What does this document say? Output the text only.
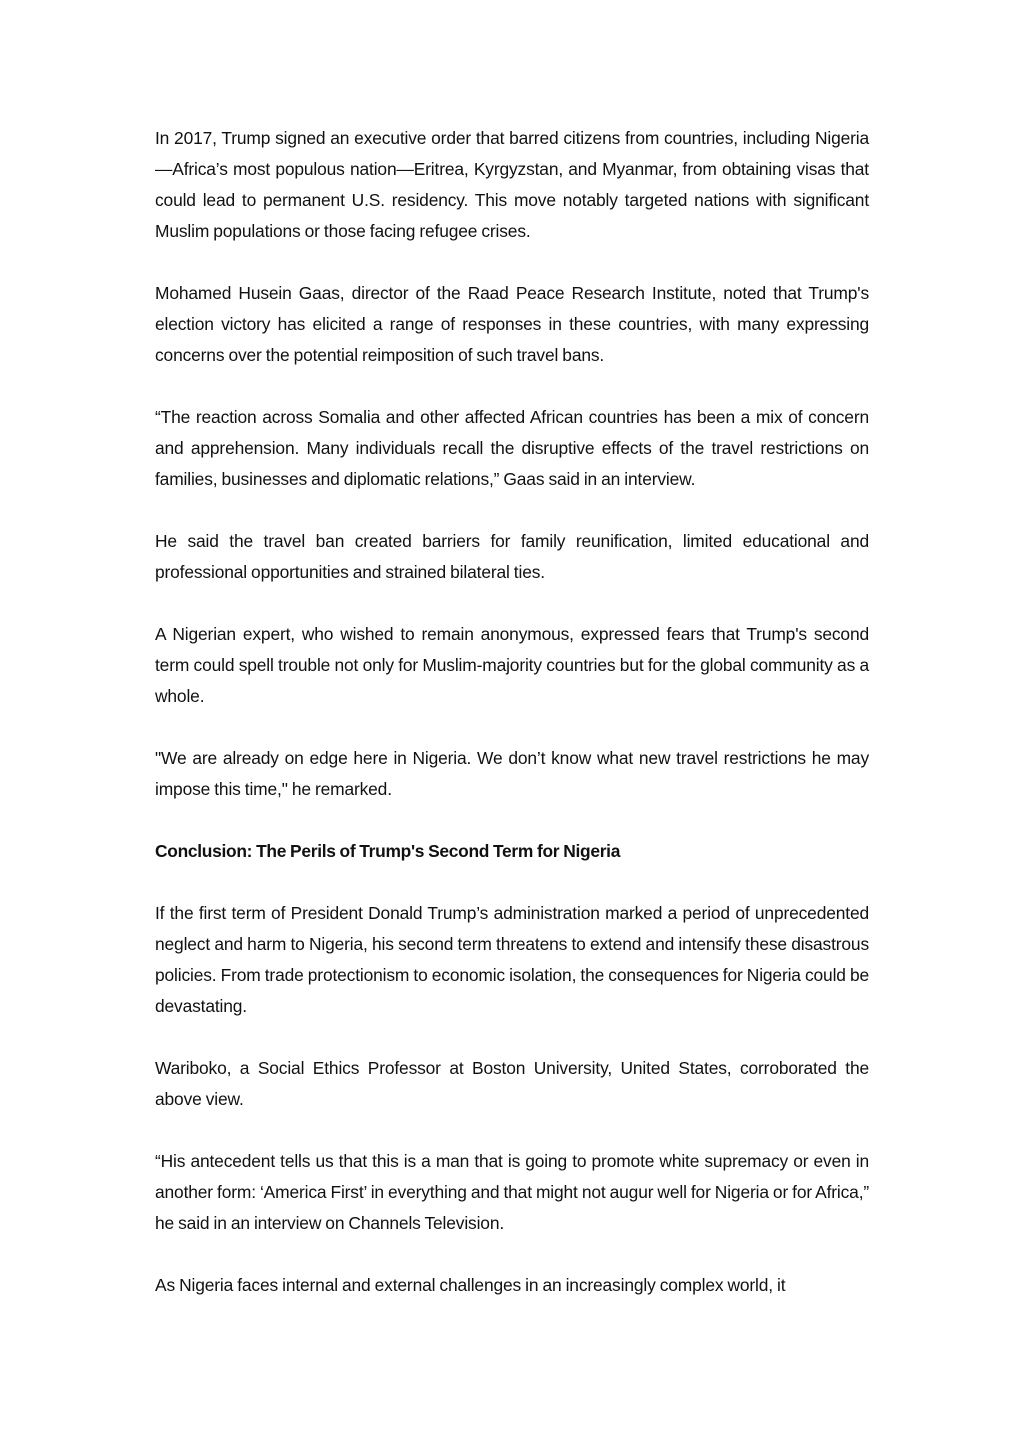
In 2017, Trump signed an executive order that barred citizens from countries, including Nigeria—Africa’s most populous nation—Eritrea, Kyrgyzstan, and Myanmar, from obtaining visas that could lead to permanent U.S. residency. This move notably targeted nations with significant Muslim populations or those facing refugee crises.

Mohamed Husein Gaas, director of the Raad Peace Research Institute, noted that Trump's election victory has elicited a range of responses in these countries, with many expressing concerns over the potential reimposition of such travel bans.

“The reaction across Somalia and other affected African countries has been a mix of concern and apprehension. Many individuals recall the disruptive effects of the travel restrictions on families, businesses and diplomatic relations,” Gaas said in an interview.

He said the travel ban created barriers for family reunification, limited educational and professional opportunities and strained bilateral ties.

A Nigerian expert, who wished to remain anonymous, expressed fears that Trump's second term could spell trouble not only for Muslim-majority countries but for the global community as a whole.

"We are already on edge here in Nigeria. We don’t know what new travel restrictions he may impose this time," he remarked.

Conclusion: The Perils of Trump's Second Term for Nigeria

If the first term of President Donald Trump’s administration marked a period of unprecedented neglect and harm to Nigeria, his second term threatens to extend and intensify these disastrous policies. From trade protectionism to economic isolation, the consequences for Nigeria could be devastating.

Wariboko, a Social Ethics Professor at Boston University, United States, corroborated the above view.

“His antecedent tells us that this is a man that is going to promote white supremacy or even in another form: ‘America First’ in everything and that might not augur well for Nigeria or for Africa,” he said in an interview on Channels Television.

As Nigeria faces internal and external challenges in an increasingly complex world, it
